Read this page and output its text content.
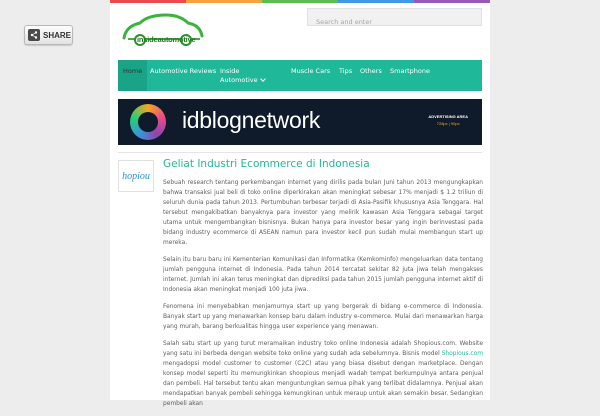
SHARE	insideautomotive
Search and enter
Home	Automotive Reviews Inside
Automotive
Muscle Cars Tips Others Smartphone
idblognetwork	ADVERTISING AREA
728px | 90px
hopiou
Geliat Industri Ecommerce di Indonesia

Sebuah research tentang perkembangan internet yang dirilis pada bulan Juni tahun 2013 mengungkapkan bahwa transaksi jual beli di toko online diperkirakan akan meningkat sebesar 17% menjadi $ 1.2 triliun di seluruh dunia pada tahun 2013. Pertumbuhan terbesar terjadi di Asia-Pasifik khususnya Asia Tenggara. Hal tersebut mengakibatkan banyaknya para investor yang melirik kawasan Asia Tenggara sebagai target utama untuk mengembangkan bisnisnya. Bukan hanya para investor besar yang ingin berinvestasi pada bidang industry ecommerce di ASEAN namun para investor kecil pun sudah mulai membangun start up mereka.

Selain itu baru baru ini Kementerian Komunikasi dan Informatika (Kemkominfo) mengeluarkan data tentang jumlah pengguna internet di Indonesia. Pada tahun 2014 tercatat sekitar 82 juta jiwa telah mengakses internet. Jumlah ini akan terus meningkat dan diprediksi pada tahun 2015 jumlah pengguna internet aktif di Indonesia akan meningkat menjadi 100 juta jiwa.

Fenomena ini menyebabkan menjamurnya start up yang bergerak di bidang e-commerce di Indonesia. Banyak start up yang menawarkan konsep baru dalam industry e-commerce. Mulai dari menawarkan harga yang murah, barang berkualitas hingga user experience yang menawan.

Salah satu start up yang turut meramaikan industry toko online Indonesia adalah Shopious.com. Website yang satu ini berbeda dengan website toko online yang sudah ada sebelumnya. Bisnis model Shopious.com mengadopsi model customer to customer (C2C) atau yang biasa disebut dengan marketplace. Dengan konsep model seperti itu memungkinkan shoopious menjadi wadah tempat berkumpulnya antara penjual dan pembeli. Hal tersebut tentu akan menguntungkan semua pihak yang terlibat didalamnya. Penjual akan mendapatkan banyak pembeli sehingga kemungkinan untuk meraup untuk akan semakin besar. Sedangkan pembeli akan
